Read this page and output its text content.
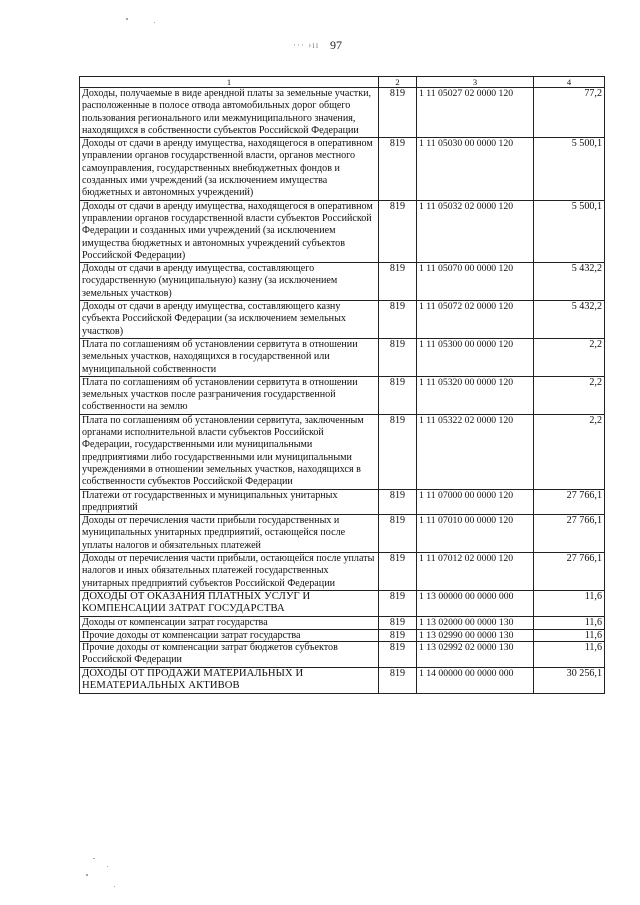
··· ›ɪɪ 97
1	2	3	4
Доходы, получаемые в виде арендной платы за земельные участки, расположенные в полосе отвода автомобильных дорог общего пользования регионального или межмуниципального значения, находящихся в собственности субъектов Российской Федерации	819	1 11 05027 02 0000 120	77,2
Доходы от сдачи в аренду имущества, находящегося в оперативном управлении органов государственной власти, органов местного самоуправления, государственных внебюджетных фондов и созданных ими учреждений (за исключением имущества бюджетных и автономных учреждений)	819	1 11 05030 00 0000 120	5 500,1
Доходы от сдачи в аренду имущества, находящегося в оперативном управлении органов государственной власти субъектов Российской Федерации и созданных ими учреждений (за исключением имущества бюджетных и автономных учреждений субъектов Российской Федерации)	819	1 11 05032 02 0000 120	5 500,1
Доходы от сдачи в аренду имущества, составляющего государственную (муниципальную) казну (за исключением земельных участков)	819	1 11 05070 00 0000 120	5 432,2
Доходы от сдачи в аренду имущества, составляющего казну субъекта Российской Федерации (за исключением земельных участков)	819	1 11 05072 02 0000 120	5 432,2
Плата по соглашениям об установлении сервитута в отношении земельных участков, находящихся в государственной или муниципальной собственности	819	1 11 05300 00 0000 120	2,2
Плата по соглашениям об установлении сервитута в отношении земельных участков после разграничения государственной собственности на землю	819	1 11 05320 00 0000 120	2,2
Плата по соглашениям об установлении сервитута, заключенным органами исполнительной власти субъектов Российской Федерации, государственными или муниципальными предприятиями либо государственными или муниципальными учреждениями в отношении земельных участков, находящихся в собственности субъектов Российской Федерации	819	1 11 05322 02 0000 120	2,2
Платежи от государственных и муниципальных унитарных предприятий	819	1 11 07000 00 0000 120	27 766,1
Доходы от перечисления части прибыли государственных и муниципальных унитарных предприятий, остающейся после уплаты налогов и обязательных платежей	819	1 11 07010 00 0000 120	27 766,1
Доходы от перечисления части прибыли, остающейся после уплаты налогов и иных обязательных платежей государственных унитарных предприятий субъектов Российской Федерации	819	1 11 07012 02 0000 120	27 766,1
ДОХОДЫ ОТ ОКАЗАНИЯ ПЛАТНЫХ УСЛУГ И КОМПЕНСАЦИИ ЗАТРАТ ГОСУДАРСТВА	819	1 13 00000 00 0000 000	11,6
Доходы от компенсации затрат государства	819	1 13 02000 00 0000 130	11,6
Прочие доходы от компенсации затрат государства	819	1 13 02990 00 0000 130	11,6
Прочие доходы от компенсации затрат бюджетов субъектов Российской Федерации	819	1 13 02992 02 0000 130	11,6
ДОХОДЫ ОТ ПРОДАЖИ МАТЕРИАЛЬНЫХ И НЕМАТЕРИАЛЬНЫХ АКТИВОВ	819	1 14 00000 00 0000 000	30 256,1
